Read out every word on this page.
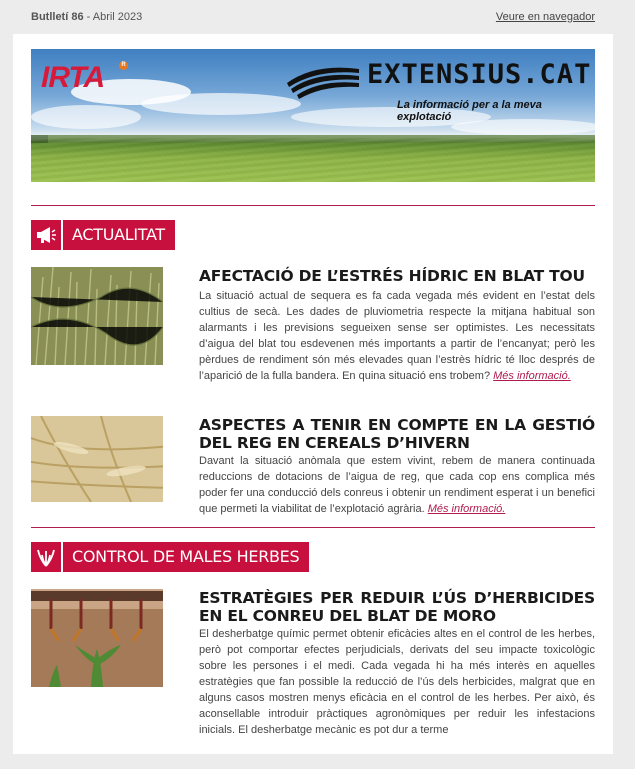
Butlletí 86 - Abril 2023	Veure en navegador
IRTA	R	EXTENSIUS.CAT
La informació per a la meva explotació
ACTUALITAT
AFECTACIÓ DE L’ESTRÉS HÍDRIC EN BLAT TOU

La situació actual de sequera es fa cada vegada més evident en l’estat dels cultius de secà. Les dades de pluviometria respecte la mitjana habitual son alarmants i les previsions segueixen sense ser optimistes. Les necessitats d’aigua del blat tou esdevenen més importants a partir de l’encanyat; però les pèrdues de rendiment són més elevades quan l’estrès hídric té lloc després de l’aparició de la fulla bandera. En quina situació ens trobem? Més informació.

ASPECTES A TENIR EN COMPTE EN LA GESTIÓ DEL REG EN CEREALS D’HIVERN

Davant la situació anòmala que estem vivint, rebem de manera continuada reduccions de dotacions de l’aigua de reg, que cada cop ens complica més poder fer una conducció dels conreus i obtenir un rendiment esperat i un benefici que permeti la viabilitat de l’explotació agrària. Més informació.

CONTROL DE MALES HERBES
ESTRATÈGIES PER REDUIR L’ÚS D’HERBICIDES EN EL CONREU DEL BLAT DE MORO

El desherbatge químic permet obtenir eficàcies altes en el control de les herbes, però pot comportar efectes perjudicials, derivats del seu impacte toxicològic sobre les persones i el medi. Cada vegada hi ha més interès en aquelles estratègies que fan possible la reducció de l’ús dels herbicides, malgrat que en alguns casos mostren menys eficàcia en el control de les herbes. Per això, és aconsellable introduir pràctiques agronòmiques per reduir les infestacions inicials. El desherbatge mecànic es pot dur a terme
